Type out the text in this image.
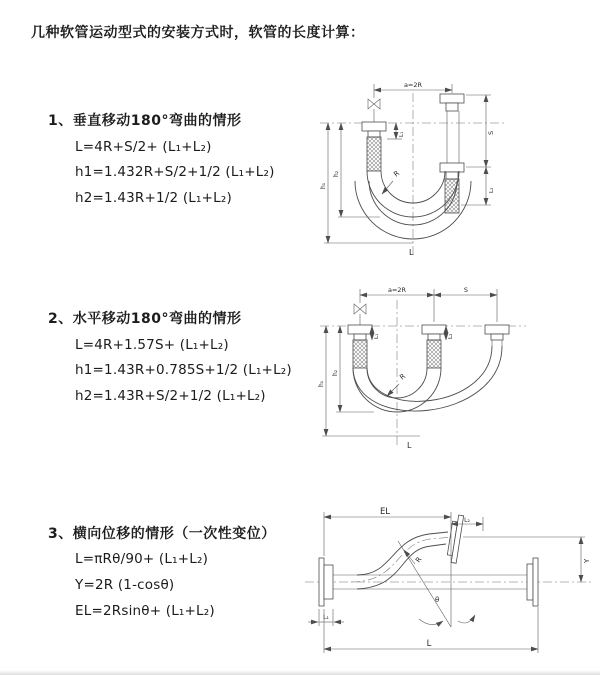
几种软管运动型式的安装方式时，软管的长度计算：
1、垂直移动180°弯曲的情形
L=4R+S/2+ (L₁+L₂)
h1=1.432R+S/2+1/2 (L₁+L₂)
h2=1.43R+1/2 (L₁+L₂)
a=2R
h₁
h₂
L₁	S
L₂
R
L
2、水平移动180°弯曲的情形
L=4R+1.57S+ (L₁+L₂)
h1=1.43R+0.785S+1/2 (L₁+L₂)
h2=1.43R+S/2+1/2 (L₁+L₂)
a=2R	S
h₁
h₂
L₁	L₂
R
L
3、横向位移的情形（一次性变位）
L=πRθ/90+ (L₁+L₂)
Y=2R (1-cosθ)
EL=2Rsinθ+ (L₁+L₂)
EL
L₂
Y
θ
R
L₁
L
